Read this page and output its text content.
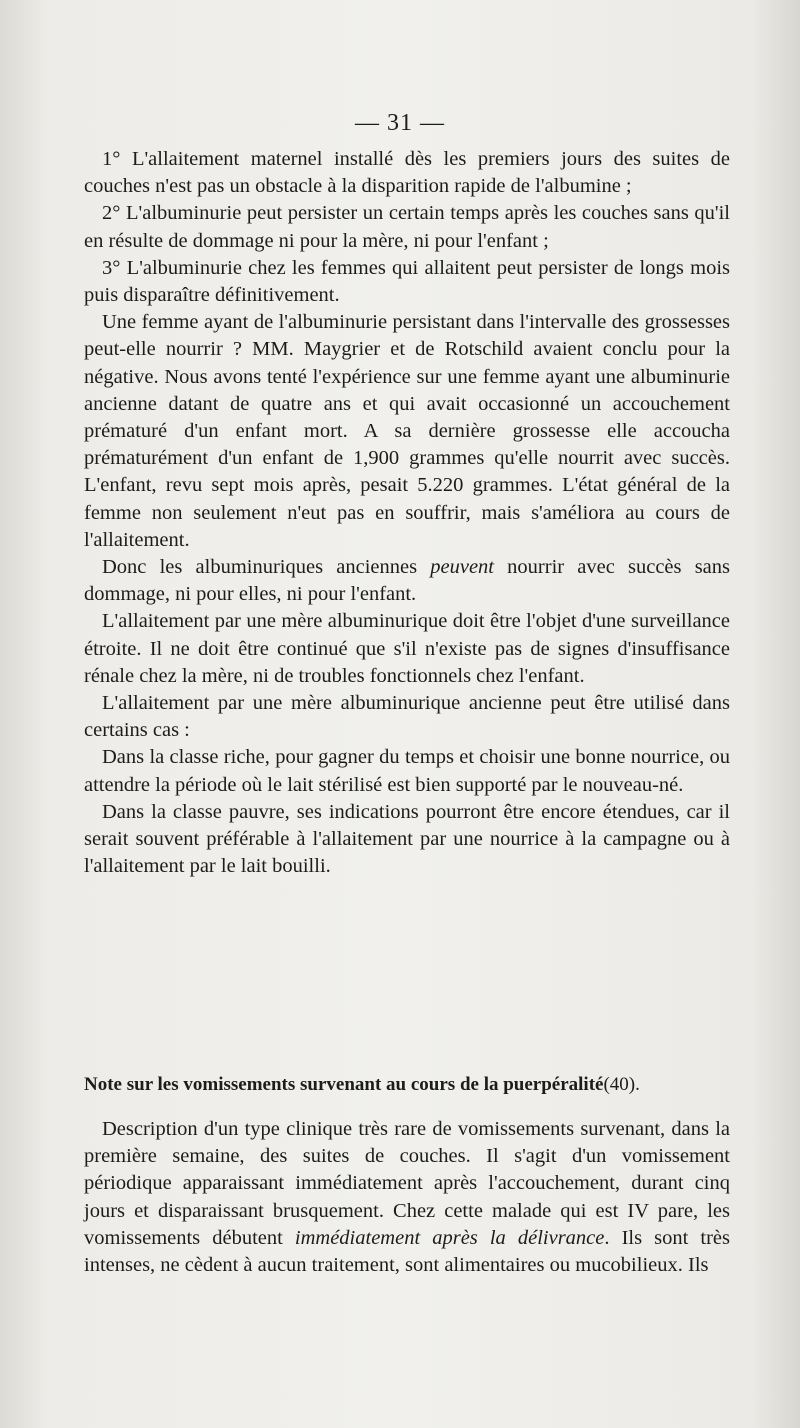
— 31 —

1° L'allaitement maternel installé dès les premiers jours des suites de couches n'est pas un obstacle à la disparition rapide de l'albumine ;

2° L'albuminurie peut persister un certain temps après les couches sans qu'il en résulte de dommage ni pour la mère, ni pour l'enfant ;

3° L'albuminurie chez les femmes qui allaitent peut persister de longs mois puis disparaître définitivement.

Une femme ayant de l'albuminurie persistant dans l'intervalle des grossesses peut-elle nourrir ? MM. Maygrier et de Rotschild avaient conclu pour la négative. Nous avons tenté l'expérience sur une femme ayant une albuminurie ancienne datant de quatre ans et qui avait occasionné un accouchement prématuré d'un enfant mort. A sa dernière grossesse elle accoucha prématurément d'un enfant de 1,900 grammes qu'elle nourrit avec succès. L'enfant, revu sept mois après, pesait 5.220 grammes. L'état général de la femme non seulement n'eut pas en souffrir, mais s'améliora au cours de l'allaitement.

Donc les albuminuriques anciennes peuvent nourrir avec succès sans dommage, ni pour elles, ni pour l'enfant.

L'allaitement par une mère albuminurique doit être l'objet d'une surveillance étroite. Il ne doit être continué que s'il n'existe pas de signes d'insuffisance rénale chez la mère, ni de troubles fonctionnels chez l'enfant.

L'allaitement par une mère albuminurique ancienne peut être utilisé dans certains cas :

Dans la classe riche, pour gagner du temps et choisir une bonne nourrice, ou attendre la période où le lait stérilisé est bien supporté par le nouveau-né.

Dans la classe pauvre, ses indications pourront être encore étendues, car il serait souvent préférable à l'allaitement par une nourrice à la campagne ou à l'allaitement par le lait bouilli.

Note sur les vomissements survenant au cours de la puerpéralité(40).

Description d'un type clinique très rare de vomissements survenant, dans la première semaine, des suites de couches. Il s'agit d'un vomissement périodique apparaissant immédiatement après l'accouchement, durant cinq jours et disparaissant brusquement. Chez cette malade qui est IV pare, les vomissements débutent immédiatement après la délivrance. Ils sont très intenses, ne cèdent à aucun traitement, sont alimentaires ou mucobilieux. Ils
